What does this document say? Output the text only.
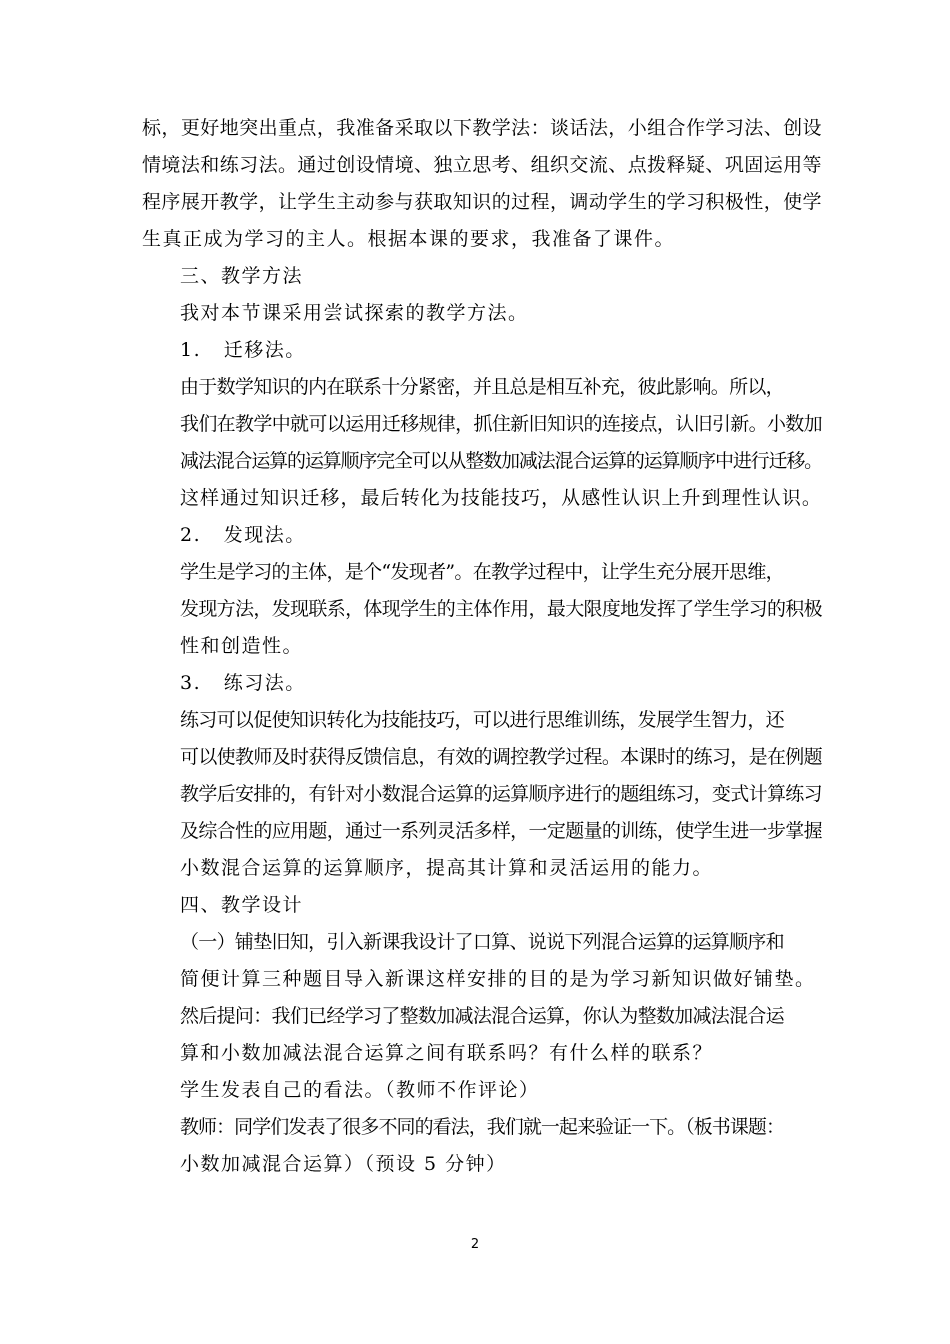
标，更好地突出重点，我准备采取以下教学法：谈话法，小组合作学习法、创设
情境法和练习法。通过创设情境、独立思考、组织交流、点拨释疑、巩固运用等
程序展开教学，让学生主动参与获取知识的过程，调动学生的学习积极性，使学
生真正成为学习的主人。根据本课的要求，我准备了课件。

三、教学方法

我对本节课采用尝试探索的教学方法。

1.   迁移法。

由于数学知识的内在联系十分紧密，并且总是相互补充，彼此影响。所以，
我们在教学中就可以运用迁移规律，抓住新旧知识的连接点，认旧引新。小数加
减法混合运算的运算顺序完全可以从整数加减法混合运算的运算顺序中进行迁移。
这样通过知识迁移，最后转化为技能技巧，从感性认识上升到理性认识。

2.   发现法。

学生是学习的主体，是个“发现者”。在教学过程中，让学生充分展开思维，
发现方法，发现联系，体现学生的主体作用，最大限度地发挥了学生学习的积极
性和创造性。

3.   练习法。

练习可以促使知识转化为技能技巧，可以进行思维训练，发展学生智力，还
可以使教师及时获得反馈信息，有效的调控教学过程。本课时的练习，是在例题
教学后安排的，有针对小数混合运算的运算顺序进行的题组练习，变式计算练习
及综合性的应用题，通过一系列灵活多样，一定题量的训练，使学生进一步掌握
小数混合运算的运算顺序，提高其计算和灵活运用的能力。

四、教学设计

（一）铺垫旧知，引入新课我设计了口算、说说下列混合运算的运算顺序和
简便计算三种题目导入新课这样安排的目的是为学习新知识做好铺垫。

然后提问：我们已经学习了整数加减法混合运算，你认为整数加减法混合运
算和小数加减法混合运算之间有联系吗？有什么样的联系？

学生发表自己的看法。（教师不作评论）

教师：同学们发表了很多不同的看法，我们就一起来验证一下。（板书课题：
小数加减混合运算）（预设 5 分钟）

2
